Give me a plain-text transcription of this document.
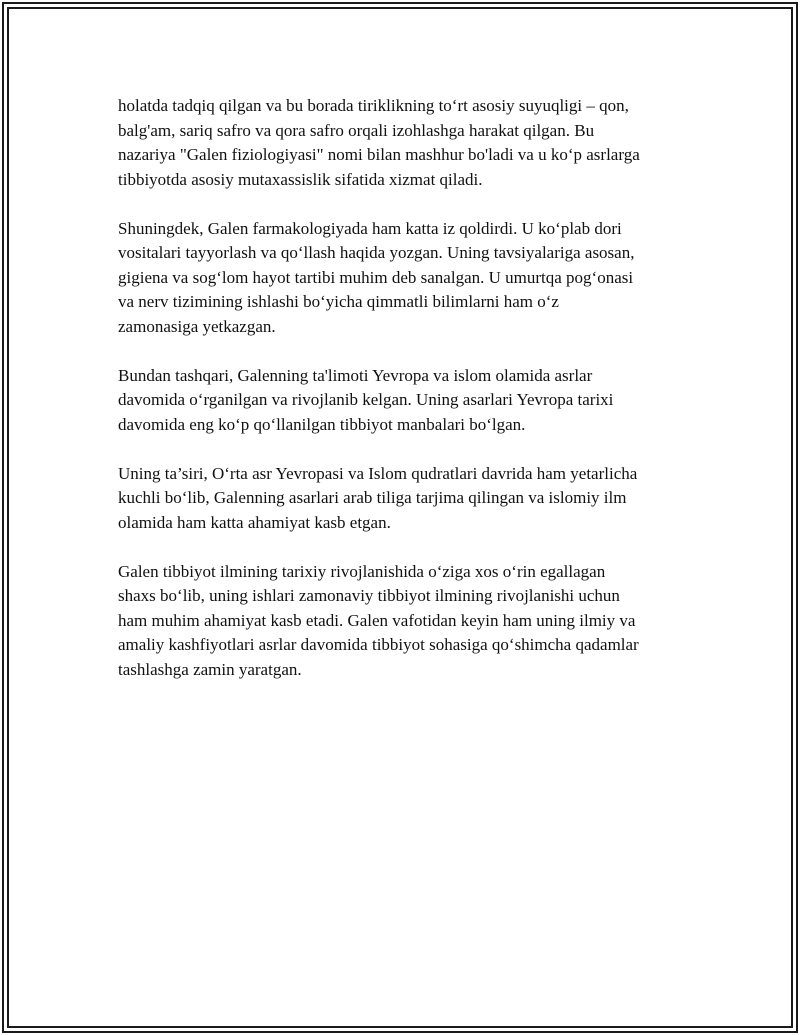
holatda tadqiq qilgan va bu borada tiriklikning to‘rt asosiy suyuqligi – qon,
balg'am, sariq safro va qora safro orqali izohlashga harakat qilgan. Bu
nazariya "Galen fiziologiyasi" nomi bilan mashhur bo'ladi va u ko‘p asrlarga
tibbiyotda asosiy mutaxassislik sifatida xizmat qiladi.

Shuningdek, Galen farmakologiyada ham katta iz qoldirdi. U ko‘plab dori
vositalari tayyorlash va qo‘llash haqida yozgan. Uning tavsiyalariga asosan,
gigiena va sog‘lom hayot tartibi muhim deb sanalgan. U umurtqa pog‘onasi
va nerv tizimining ishlashi bo‘yicha qimmatli bilimlarni ham o‘z
zamonasiga yetkazgan.

Bundan tashqari, Galenning ta'limoti Yevropa va islom olamida asrlar
davomida o‘rganilgan va rivojlanib kelgan. Uning asarlari Yevropa tarixi
davomida eng ko‘p qo‘llanilgan tibbiyot manbalari bo‘lgan.

Uning ta’siri, O‘rta asr Yevropasi va Islom qudratlari davrida ham yetarlicha
kuchli bo‘lib, Galenning asarlari arab tiliga tarjima qilingan va islomiy ilm
olamida ham katta ahamiyat kasb etgan.

Galen tibbiyot ilmining tarixiy rivojlanishida o‘ziga xos o‘rin egallagan
shaxs bo‘lib, uning ishlari zamonaviy tibbiyot ilmining rivojlanishi uchun
ham muhim ahamiyat kasb etadi. Galen vafotidan keyin ham uning ilmiy va
amaliy kashfiyotlari asrlar davomida tibbiyot sohasiga qo‘shimcha qadamlar
tashlashga zamin yaratgan.
